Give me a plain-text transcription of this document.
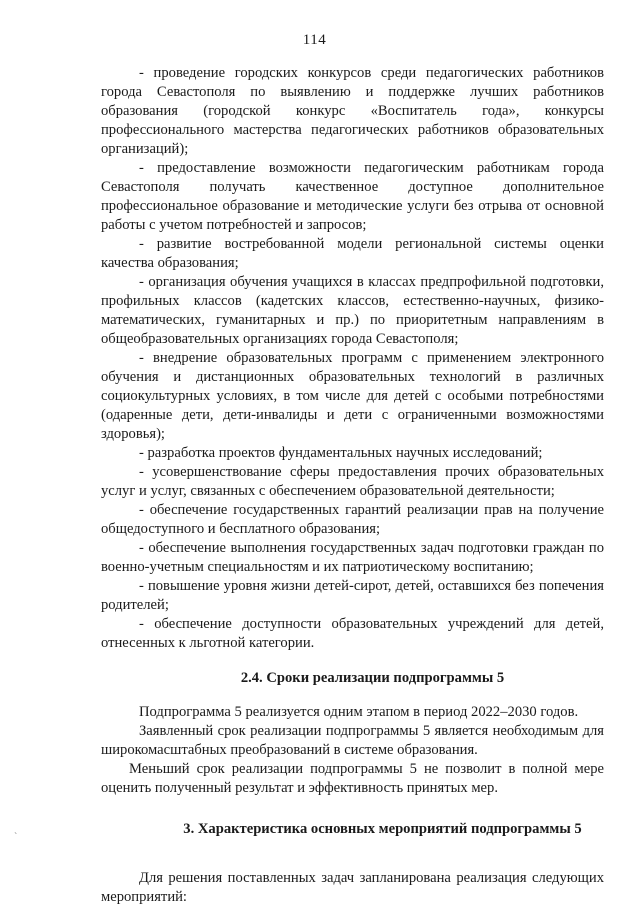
114

- проведение городских конкурсов среди педагогических работников города Севастополя по выявлению и поддержке лучших работников образования (городской конкурс «Воспитатель года», конкурсы профессионального мастерства педагогических работников образовательных организаций);

- предоставление возможности педагогическим работникам города Севастополя получать качественное доступное дополнительное профессиональное образование и методические услуги без отрыва от основной работы с учетом потребностей и запросов;

- развитие востребованной модели региональной системы оценки качества образования;

- организация обучения учащихся в классах предпрофильной подготовки, профильных классов (кадетских классов, естественно-научных, физико-математических, гуманитарных и пр.) по приоритетным направлениям в общеобразовательных организациях города Севастополя;

- внедрение образовательных программ с применением электронного обучения и дистанционных образовательных технологий в различных социокультурных условиях, в том числе для детей с особыми потребностями (одаренные дети, дети-инвалиды и дети с ограниченными возможностями здоровья);

- разработка проектов фундаментальных научных исследований;

- усовершенствование сферы предоставления прочих образовательных услуг и услуг, связанных с обеспечением образовательной деятельности;

- обеспечение государственных гарантий реализации прав на получение общедоступного и бесплатного образования;

- обеспечение выполнения государственных задач подготовки граждан по военно-учетным специальностям и их патриотическому воспитанию;

- повышение уровня жизни детей-сирот, детей, оставшихся без попечения родителей;

- обеспечение доступности образовательных учреждений для детей, отнесенных к льготной категории.

2.4. Сроки реализации подпрограммы 5

Подпрограмма 5 реализуется одним этапом в период 2022–2030 годов.

Заявленный срок реализации подпрограммы 5 является необходимым для широкомасштабных преобразований в системе образования.

Меньший срок реализации подпрограммы 5 не позволит в полной мере оценить полученный результат и эффективность принятых мер.

3. Характеристика основных мероприятий подпрограммы 5

Для решения поставленных задач запланирована реализация следующих мероприятий:

ˋ
